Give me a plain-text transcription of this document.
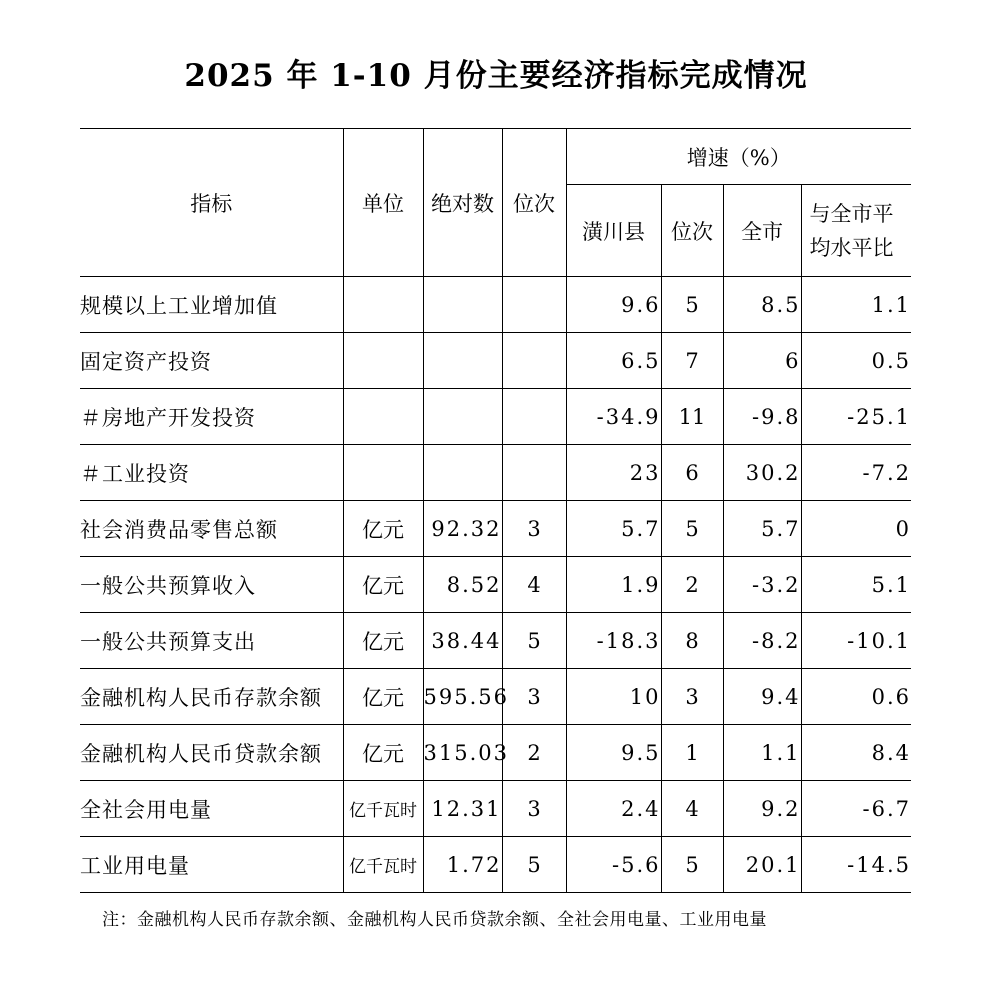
2025 年 1-10 月份主要经济指标完成情况
指标	单位	绝对数	位次	增速（%）			
				潢川县	位次	全市	与全市平
均水平比
规模以上工业增加值				9.6	5	8.5	1.1
固定资产投资				6.5	7	6	0.5
＃房地产开发投资				-34.9	11	-9.8	-25.1
＃工业投资				23	6	30.2	-7.2
社会消费品零售总额	亿元	92.32	3	5.7	5	5.7	0
一般公共预算收入	亿元	8.52	4	1.9	2	-3.2	5.1
一般公共预算支出	亿元	38.44	5	-18.3	8	-8.2	-10.1
金融机构人民币存款余额	亿元	595.56	3	10	3	9.4	0.6
金融机构人民币贷款余额	亿元	315.03	2	9.5	1	1.1	8.4
全社会用电量	亿千瓦时	12.31	3	2.4	4	9.2	-6.7
工业用电量	亿千瓦时	1.72	5	-5.6	5	20.1	-14.5
注：金融机构人民币存款余额、金融机构人民币贷款余额、全社会用电量、工业用电量
